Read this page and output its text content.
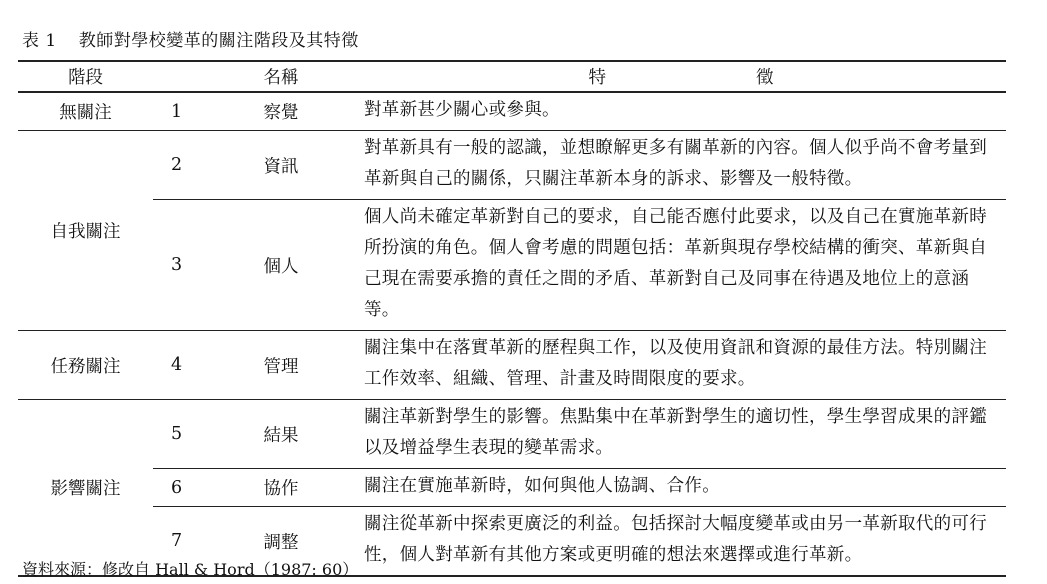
表 1 教師對學校變革的關注階段及其特徵
階段		名稱	特 徵
無關注	1	察覺	對革新甚少關心或參與。
自我關注	2	資訊	對革新具有一般的認識，並想瞭解更多有關革新的內容。個人似乎尚不會考量到革新與自己的關係，只關注革新本身的訴求、影響及一般特徵。
	3	個人	個人尚未確定革新對自己的要求，自己能否應付此要求，以及自己在實施革新時所扮演的角色。個人會考慮的問題包括：革新與現存學校結構的衝突、革新與自己現在需要承擔的責任之間的矛盾、革新對自己及同事在待遇及地位上的意涵等。
任務關注	4	管理	關注集中在落實革新的歷程與工作，以及使用資訊和資源的最佳方法。特別關注工作效率、組織、管理、計畫及時間限度的要求。
影響關注	5	結果	關注革新對學生的影響。焦點集中在革新對學生的適切性，學生學習成果的評鑑以及增益學生表現的變革需求。
	6	協作	關注在實施革新時，如何與他人協調、合作。
	7	調整	關注從革新中探索更廣泛的利益。包括探討大幅度變革或由另一革新取代的可行性，個人對革新有其他方案或更明確的想法來選擇或進行革新。
資料來源：修改自 Hall & Hord（1987: 60）
